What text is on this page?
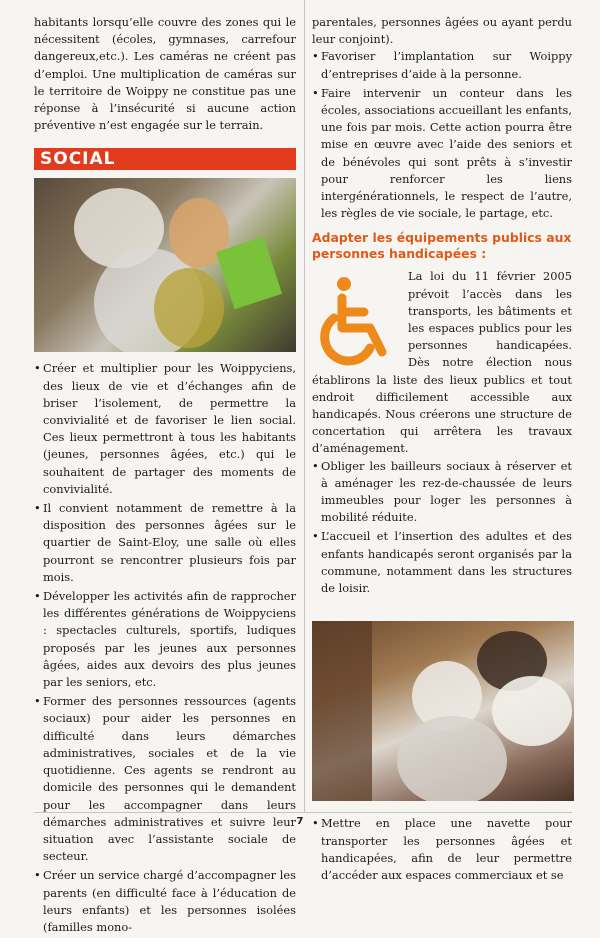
habitants lorsqu’elle couvre des zones qui le nécessitent (écoles, gymnases, carrefour dangereux,etc.). Les caméras ne créent pas d’emploi. Une multiplication de caméras sur le territoire de Woippy ne constitue pas une réponse à l’insécurité si aucune action préventive n’est engagée sur le terrain.

SOCIAL
• Créer et multiplier pour les Woippyciens, des lieux de vie et d’échanges afin de briser l’isolement, de permettre la convivialité et de favoriser le lien social. Ces lieux permettront à tous les habitants (jeunes, personnes âgées, etc.) qui le souhaitent de partager des moments de convivialité.
• Il convient notamment de remettre à la disposition des personnes âgées sur le quartier de Saint-Eloy, une salle où elles pourront se rencontrer plusieurs fois par mois.
• Développer les activités afin de rapprocher les différentes générations de Woippyciens : spectacles culturels, sportifs, ludiques proposés par les jeunes aux personnes âgées, aides aux devoirs des plus jeunes par les seniors, etc.
• Former des personnes ressources (agents sociaux) pour aider les personnes en difficulté dans leurs démarches administratives, sociales et de la vie quotidienne. Ces agents se rendront au domicile des personnes qui le demandent pour les accompagner dans leurs démarches administratives et suivre leur situation avec l’assistante sociale de secteur.
• Créer un service chargé d’accompagner les parents (en difficulté face à l’éducation de leurs enfants) et les personnes isolées (familles mono-

parentales, personnes âgées ou ayant perdu leur conjoint).

• Favoriser l’implantation sur Woippy d’entreprises d’aide à la personne.
• Faire intervenir un conteur dans les écoles, associations accueillant les enfants, une fois par mois. Cette action pourra être mise en œuvre avec l’aide des seniors et de bénévoles qui sont prêts à s’investir pour renforcer les liens intergénérationnels, le respect de l’autre, les règles de vie sociale, le partage, etc.
Adapter les équipements publics aux personnes handicapées :

La loi du 11 février 2005 prévoit l’accès dans les transports, les bâtiments et les espaces publics pour les personnes handicapées. Dès notre élection nous établirons la liste des lieux publics et tout endroit difficilement accessible aux handicapés. Nous créerons une structure de concertation qui arrêtera les travaux d’aménagement.

• Obliger les bailleurs sociaux à réserver et à aménager les rez-de-chaussée de leurs immeubles pour loger les personnes à mobilité réduite.
• L’accueil et l’insertion des adultes et des enfants handicapés seront organisés par la commune, notamment dans les structures de loisir.
• Mettre en place une navette pour transporter les personnes âgées et handicapées, afin de leur permettre d’accéder aux espaces commerciaux et se
7
